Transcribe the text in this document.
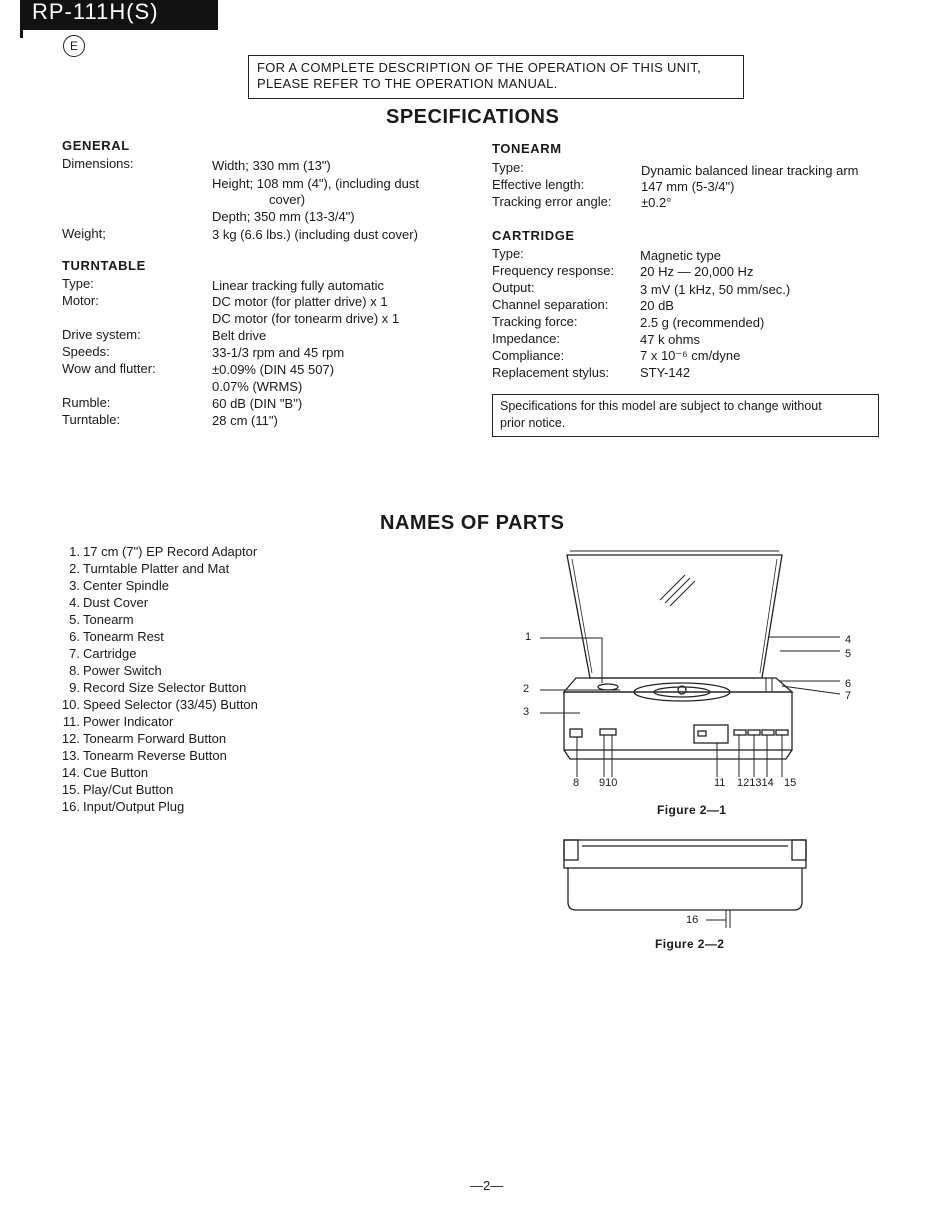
RP-111H(S)
E
FOR A COMPLETE DESCRIPTION OF THE OPERATION OF THIS UNIT,
PLEASE REFER TO THE OPERATION MANUAL.
SPECIFICATIONS
GENERAL
Dimensions:	Width; 330 mm (13")
Height; 108 mm (4"), (including dust
cover)
Depth; 350 mm (13-3/4")
Weight;	3 kg (6.6 lbs.) (including dust cover)
TURNTABLE
Type:	Linear tracking fully automatic
Motor:	DC motor (for platter drive) x 1
DC motor (for tonearm drive) x 1
Drive system:	Belt drive
Speeds:	33-1/3 rpm and 45 rpm
Wow and flutter:	±0.09% (DIN 45 507)
0.07% (WRMS)
Rumble:	60 dB (DIN "B")
Turntable:	28 cm (11")
TONEARM
Type:	Dynamic balanced linear tracking arm
Effective length:	147 mm (5-3/4")
Tracking error angle: ±0.2°
CARTRIDGE
Type:	Magnetic type
Frequency response: 20 Hz — 20,000 Hz
Output:	3 mV (1 kHz, 50 mm/sec.)
Channel separation: 20 dB
Tracking force:	2.5 g (recommended)
Impedance:	47 k ohms
Compliance:	7 x 10⁻⁶ cm/dyne
Replacement stylus: STY-142
Specifications for this model are subject to change without
prior notice.
NAMES OF PARTS
1. 17 cm (7") EP Record Adaptor
2. Turntable Platter and Mat
3. Center Spindle
4. Dust Cover
5. Tonearm
6. Tonearm Rest
7. Cartridge
8. Power Switch
9. Record Size Selector Button
10. Speed Selector (33/45) Button
11. Power Indicator
12. Tonearm Forward Button
13. Tonearm Reverse Button
14. Cue Button
15. Play/Cut Button
16. Input/Output Plug
1
2
3
4
5
6
7
8 910	11 121314 15
Figure 2—1
16
Figure 2—2
—2—
